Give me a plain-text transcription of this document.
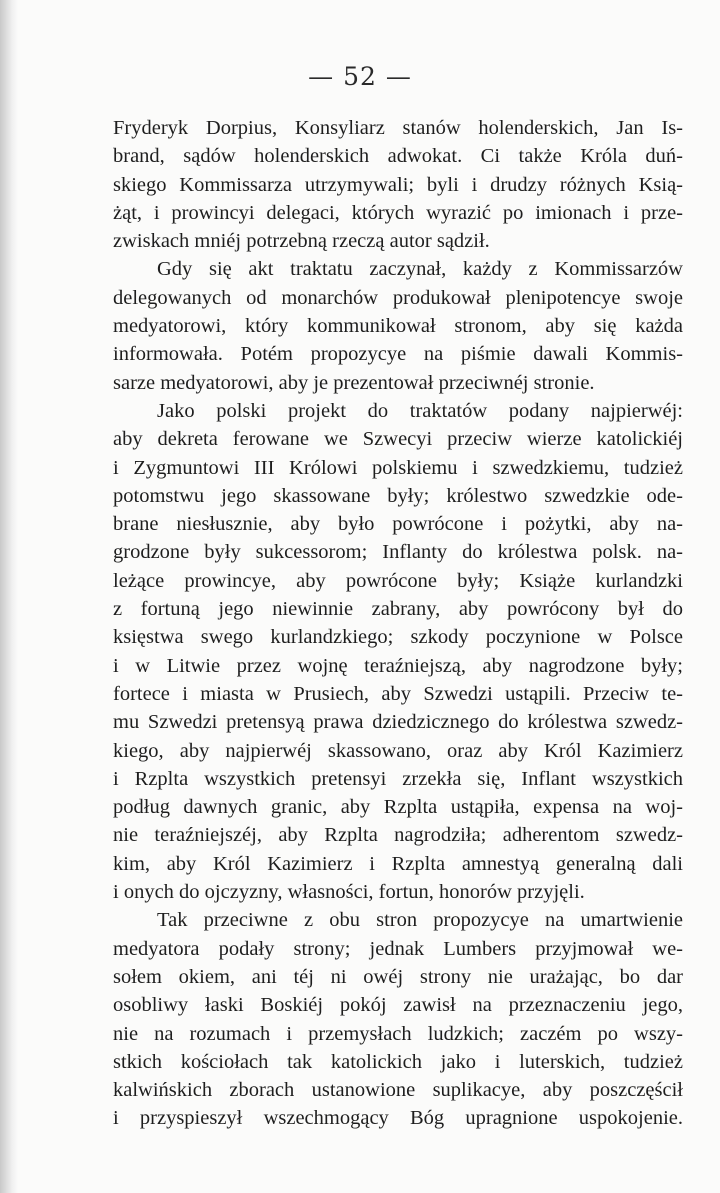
— 52 —
Fryderyk Dorpius, Konsyliarz stanów holenderskich, Jan Is-
brand, sądów holenderskich adwokat. Ci także Króla duń-
skiego Kommissarza utrzymywali; byli i drudzy różnych Ksią-
żąt, i prowincyi delegaci, których wyrazić po imionach i prze-
zwiskach mniéj potrzebną rzeczą autor sądził.
Gdy się akt traktatu zaczynał, każdy z Kommissarzów
delegowanych od monarchów produkował plenipotencye swoje
medyatorowi, który kommunikował stronom, aby się każda
informowała. Potém propozycye na piśmie dawali Kommis-
sarze medyatorowi, aby je prezentował przeciwnéj stronie.
Jako polski projekt do traktatów podany najpierwéj:
aby dekreta ferowane we Szwecyi przeciw wierze katolickiéj
i Zygmuntowi III Królowi polskiemu i szwedzkiemu, tudzież
potomstwu jego skassowane były; królestwo szwedzkie ode-
brane niesłusznie, aby było powrócone i pożytki, aby na-
grodzone były sukcessorom; Inflanty do królestwa polsk. na-
leżące prowincye, aby powrócone były; Książe kurlandzki
z fortuną jego niewinnie zabrany, aby powrócony był do
księstwa swego kurlandzkiego; szkody poczynione w Polsce
i w Litwie przez wojnę teraźniejszą, aby nagrodzone były;
fortece i miasta w Prusiech, aby Szwedzi ustąpili. Przeciw te-
mu Szwedzi pretensyą prawa dziedzicznego do królestwa szwedz-
kiego, aby najpierwéj skassowano, oraz aby Król Kazimierz
i Rzplta wszystkich pretensyi zrzekła się, Inflant wszystkich
podług dawnych granic, aby Rzplta ustąpiła, expensa na woj-
nie teraźniejszéj, aby Rzplta nagrodziła; adherentom szwedz-
kim, aby Król Kazimierz i Rzplta amnestyą generalną dali
i onych do ojczyzny, własności, fortun, honorów przyjęli.
Tak przeciwne z obu stron propozycye na umartwienie
medyatora podały strony; jednak Lumbers przyjmował we-
sołem okiem, ani téj ni owéj strony nie urażając, bo dar
osobliwy łaski Boskiéj pokój zawisł na przeznaczeniu jego,
nie na rozumach i przemysłach ludzkich; zaczém po wszy-
stkich kościołach tak katolickich jako i luterskich, tudzież
kalwińskich zborach ustanowione suplikacye, aby poszczęścił
i przyspieszył wszechmogący Bóg upragnione uspokojenie.
